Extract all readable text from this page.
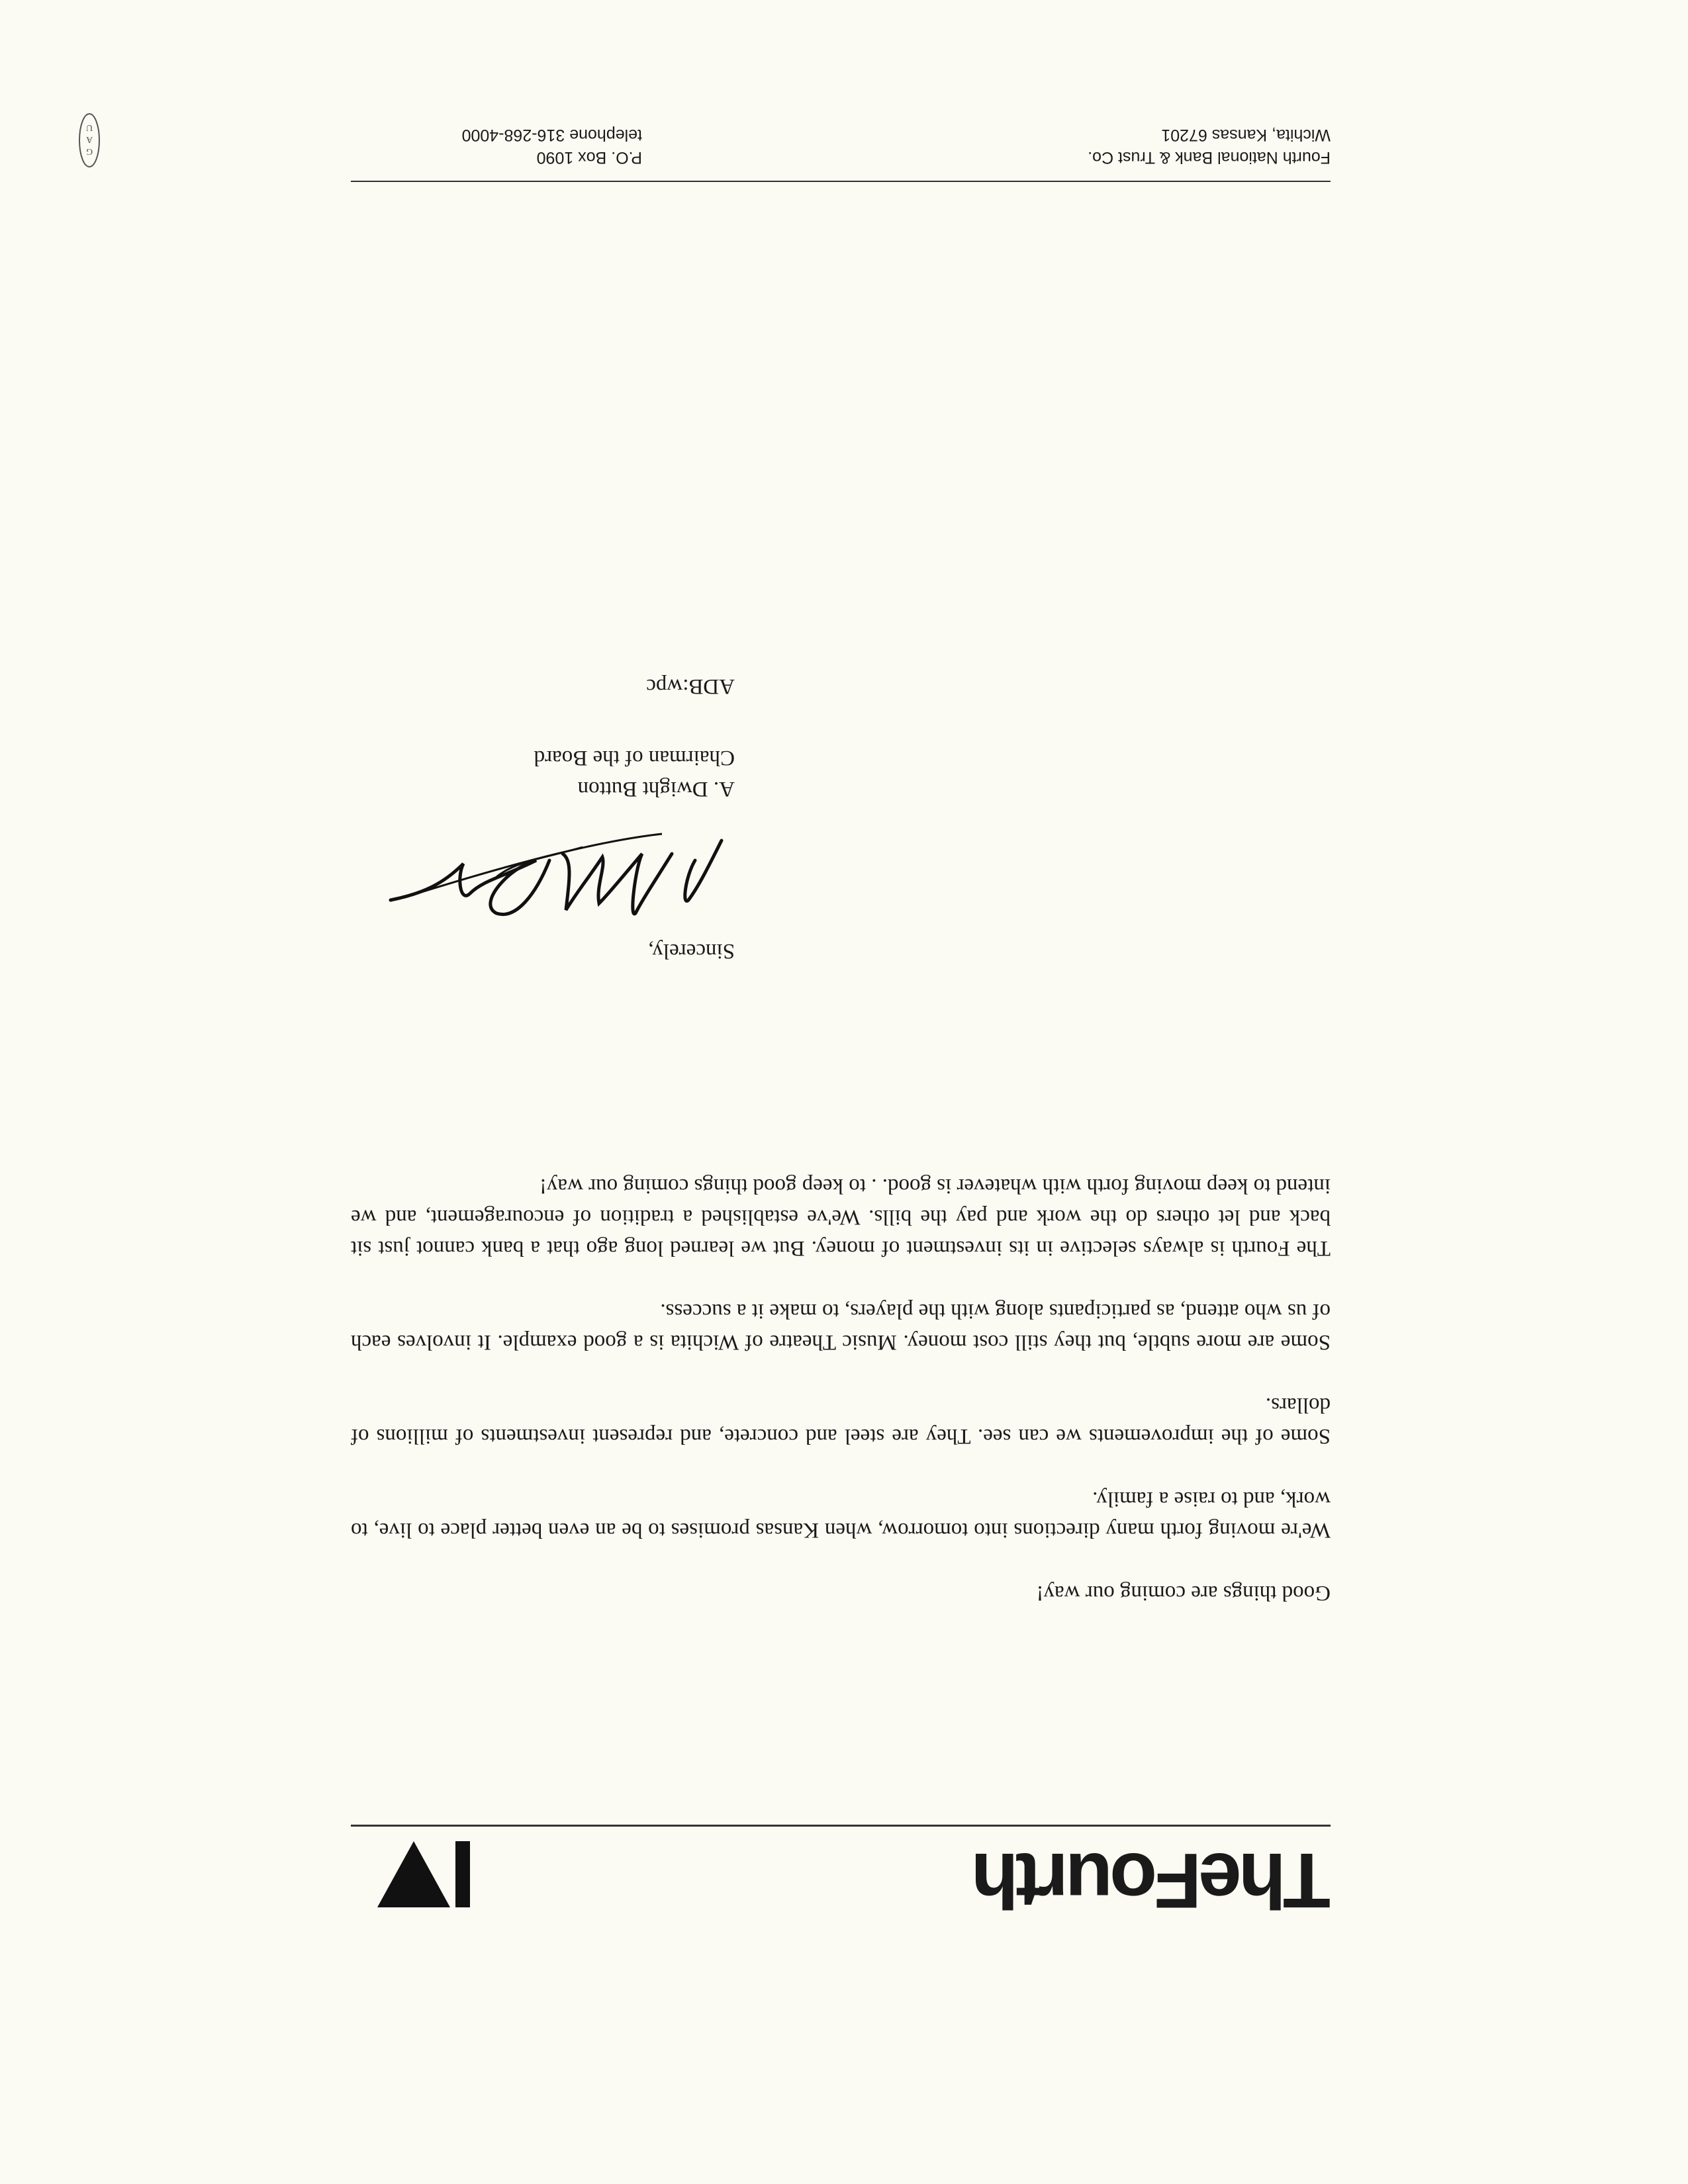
TheFourth

Good things are coming our way!

We're moving forth many directions into tomorrow, when Kansas promises to be an even better place to live, to work, and to raise a family.

Some of the improvements we can see. They are steel and concrete, and represent investments of millions of dollars.

Some are more subtle, but they still cost money. Music Theatre of Wichita is a good example. It involves each of us who attend, as participants along with the players, to make it a success.

The Fourth is always selective in its investment of money. But we learned long ago that a bank cannot just sit back and let others do the work and pay the bills. We've established a tradition of encouragement, and we intend to keep moving forth with whatever is good. . to keep good things coming our way!

Sincerely,
A. Dwight Button
Chairman of the Board
ADB:wpc
Fourth National Bank & Trust Co.
Wichita, Kansas 67201
P.O. Box 1090
telephone 316-268-4000
G
A
U
